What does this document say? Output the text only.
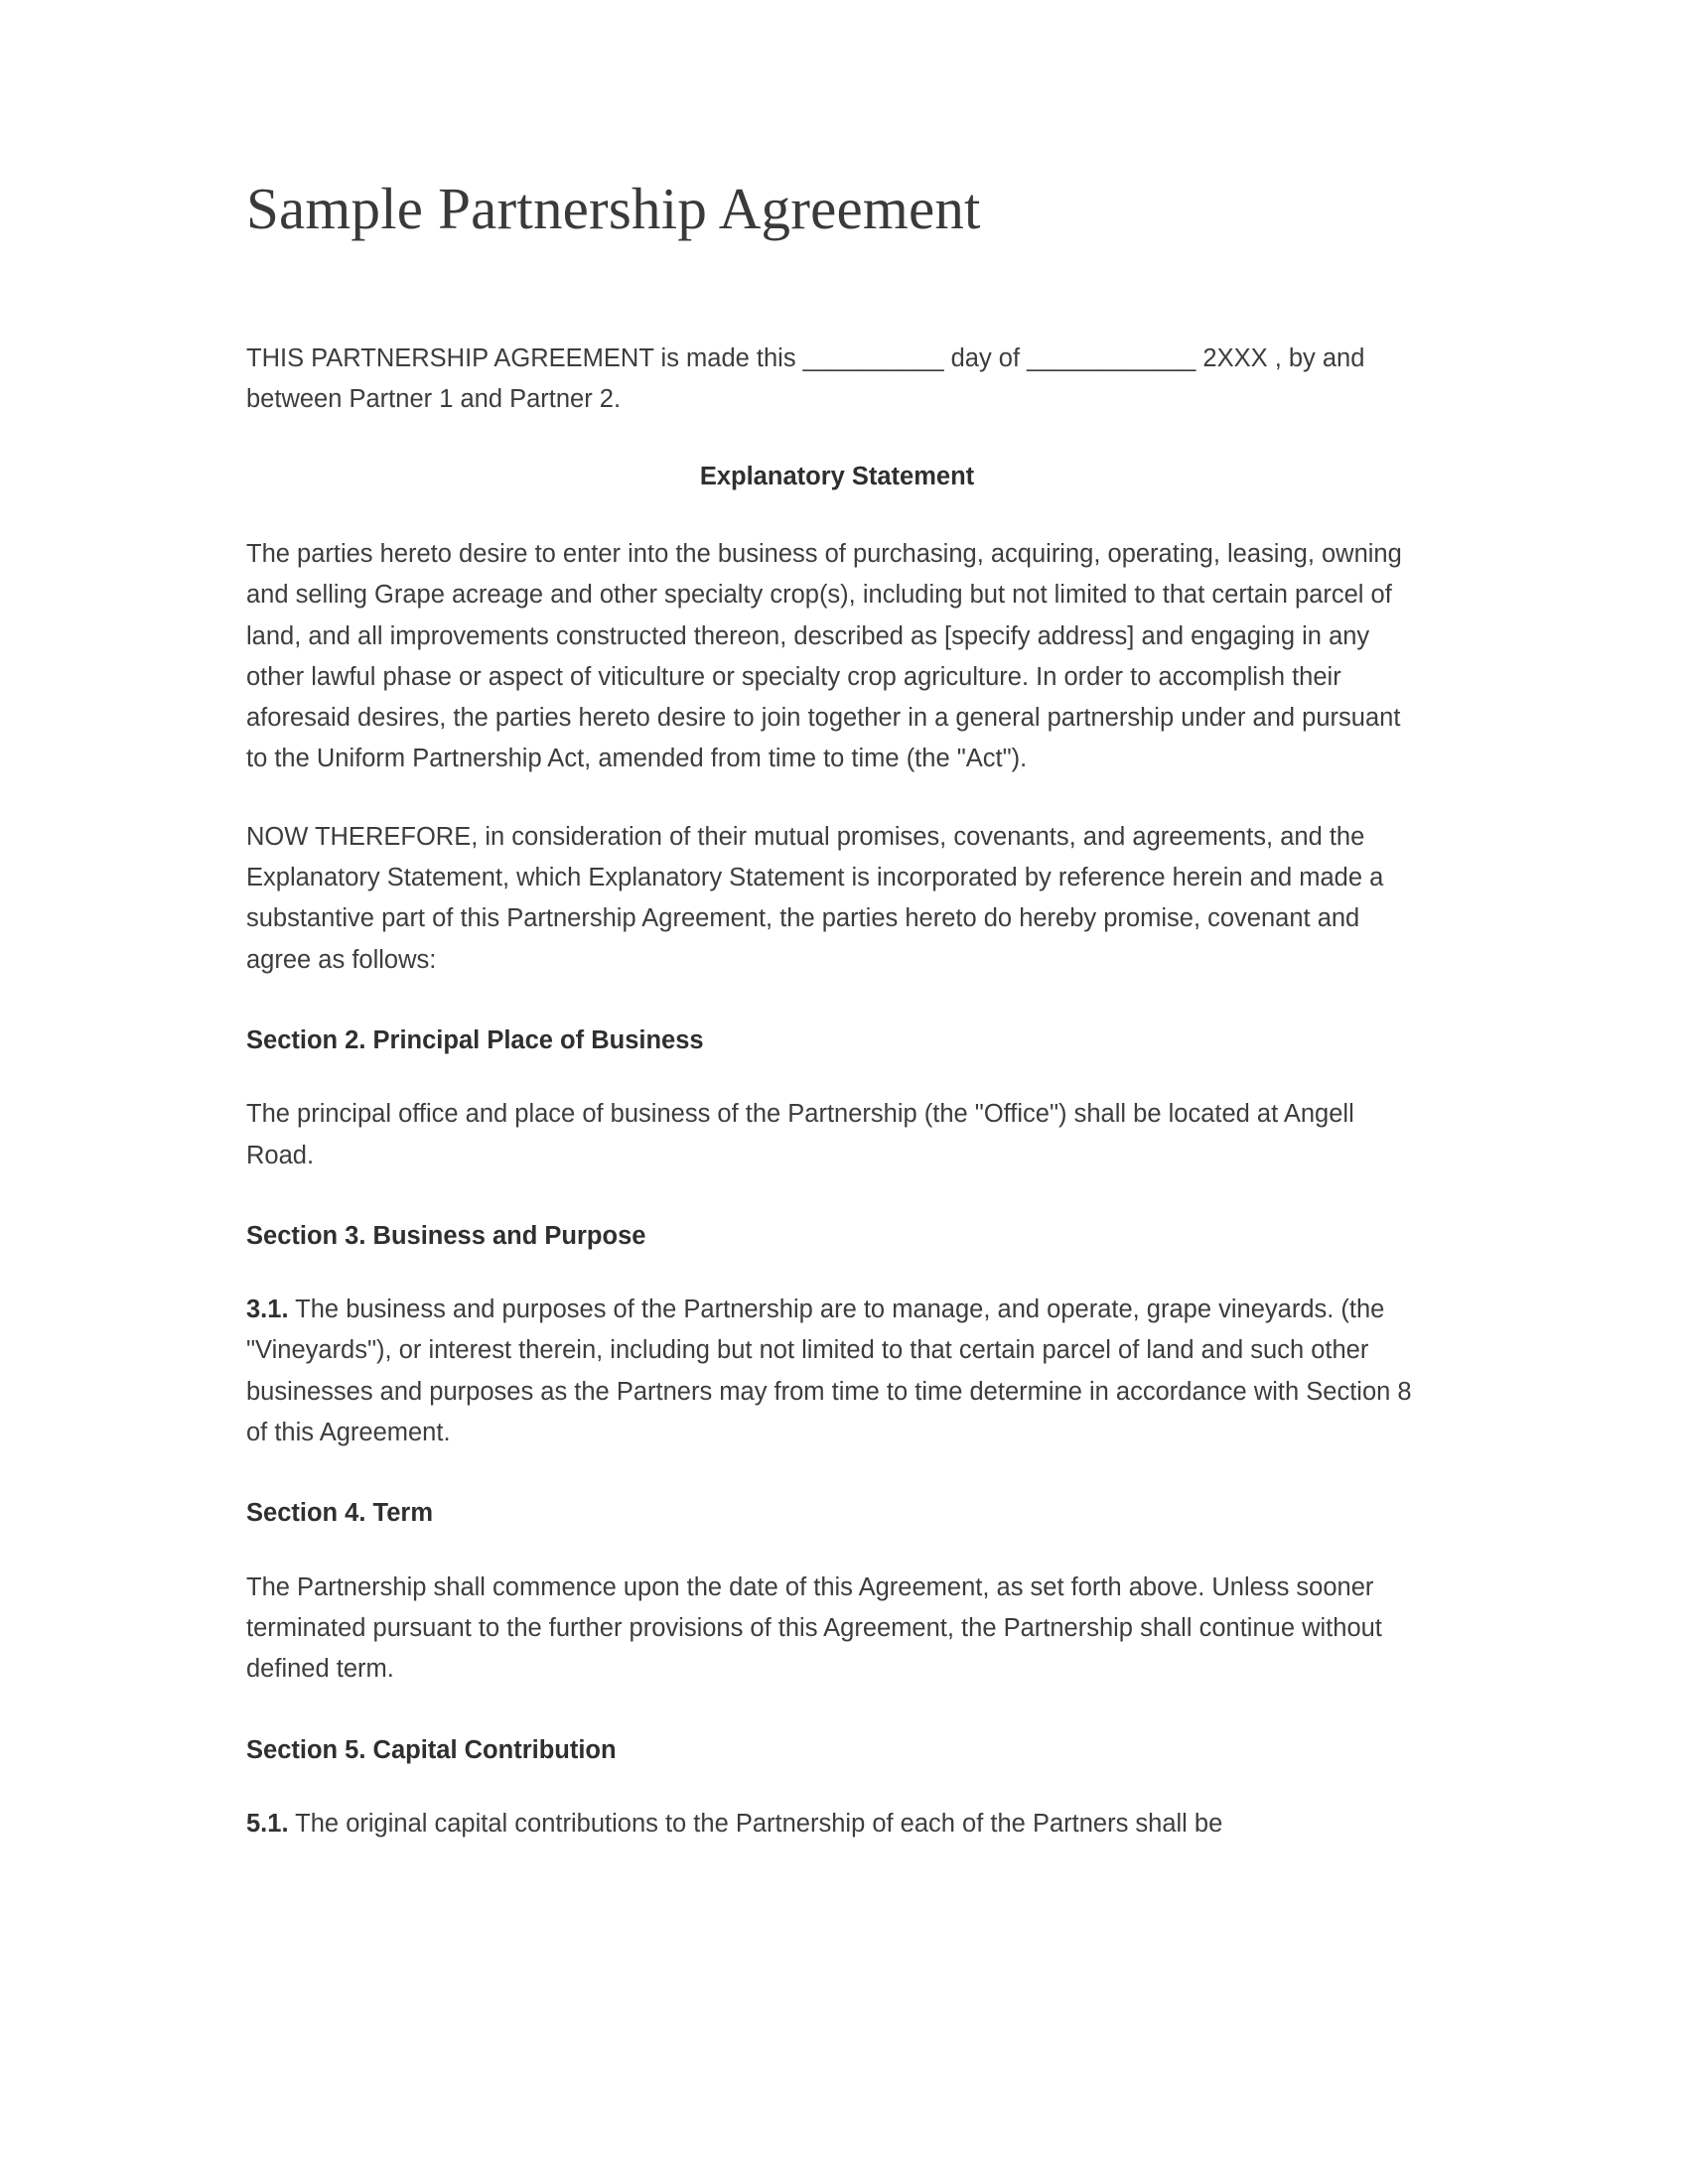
Sample Partnership Agreement

THIS PARTNERSHIP AGREEMENT is made this __________ day of ____________ 2XXX , by and between Partner 1 and Partner 2.

Explanatory Statement

The parties hereto desire to enter into the business of purchasing, acquiring, operating, leasing, owning and selling Grape acreage and other specialty crop(s), including but not limited to that certain parcel of land, and all improvements constructed thereon, described as [specify address] and engaging in any other lawful phase or aspect of viticulture or specialty crop agriculture. In order to accomplish their aforesaid desires, the parties hereto desire to join together in a general partnership under and pursuant to the Uniform Partnership Act, amended from time to time (the "Act").

NOW THEREFORE, in consideration of their mutual promises, covenants, and agreements, and the Explanatory Statement, which Explanatory Statement is incorporated by reference herein and made a substantive part of this Partnership Agreement, the parties hereto do hereby promise, covenant and agree as follows:

Section 2. Principal Place of Business

The principal office and place of business of the Partnership (the "Office") shall be located at Angell Road.

Section 3. Business and Purpose

3.1. The business and purposes of the Partnership are to manage, and operate, grape vineyards. (the "Vineyards"), or interest therein, including but not limited to that certain parcel of land and such other businesses and purposes as the Partners may from time to time determine in accordance with Section 8 of this Agreement.

Section 4. Term

The Partnership shall commence upon the date of this Agreement, as set forth above. Unless sooner terminated pursuant to the further provisions of this Agreement, the Partnership shall continue without defined term.

Section 5. Capital Contribution

5.1. The original capital contributions to the Partnership of each of the Partners shall be
